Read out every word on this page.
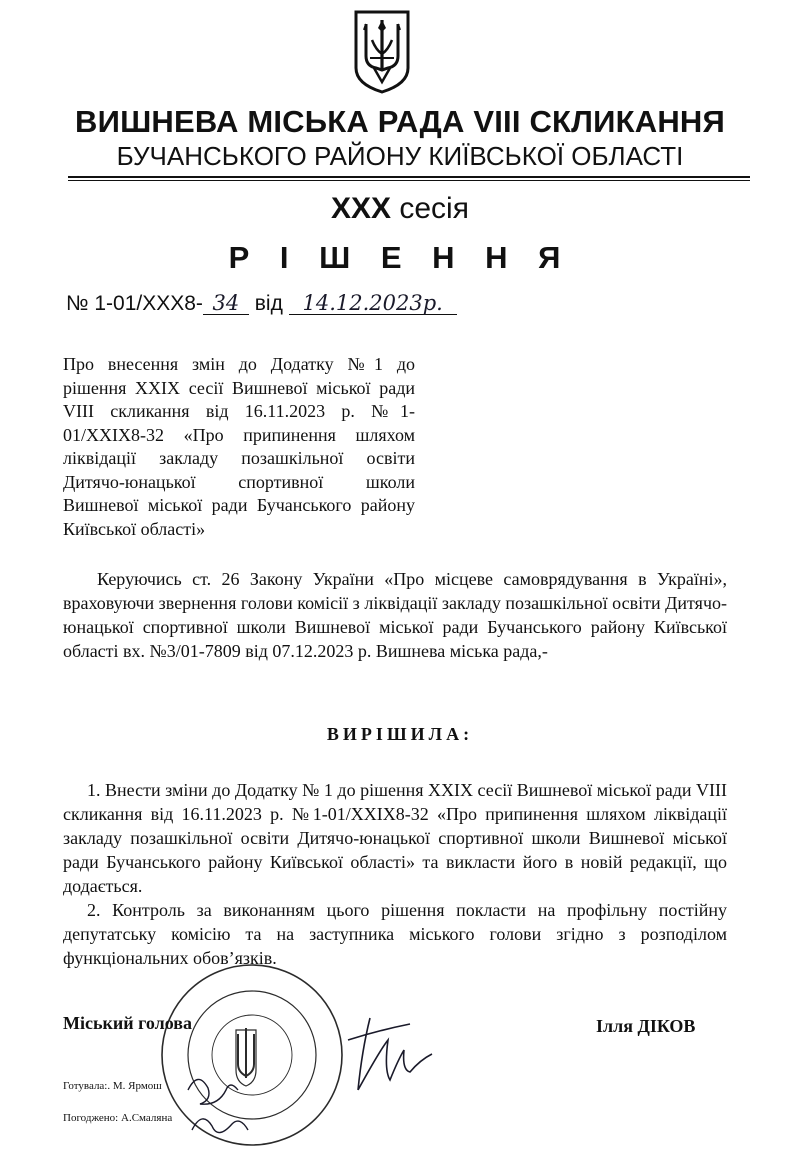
ВИШНЕВА МІСЬКА РАДА VIII СКЛИКАННЯ
БУЧАНСЬКОГО РАЙОНУ КИЇВСЬКОЇ ОБЛАСТІ
XXX сесія
Р І Ш Е Н Н Я
№ 1-01/XXX8- 34 від 14.12.2023р.
Про внесення змін до Додатку №1 до рішення XXIX сесії Вишневої міської ради VIII скликання від 16.11.2023 р. №1-01/XXIX8-32 «Про припинення шляхом ліквідації закладу позашкільної освіти Дитячо-юнацької спортивної школи Вишневої міської ради Бучанського району Київської області»
Керуючись ст. 26 Закону України «Про місцеве самоврядування в Україні», враховуючи звернення голови комісії з ліквідації закладу позашкільної освіти Дитячо-юнацької спортивної школи Вишневої міської ради Бучанського району Київської області вх. №3/01-7809 від 07.12.2023 р. Вишнева міська рада,-
ВИРІШИЛА:

1. Внести зміни до Додатку № 1 до рішення XXIX сесії Вишневої міської ради VIII скликання від 16.11.2023 р. №1-01/XXIX8-32 «Про припинення шляхом ліквідації закладу позашкільної освіти Дитячо-юнацької спортивної школи Вишневої міської ради Бучанського району Київської області» та викласти його в новій редакції, що додається.

2. Контроль за виконанням цього рішення покласти на профільну постійну депутатську комісію та на заступника міського голови згідно з розподілом функціональних обов’язків.

Міський голова	Ілля ДІКОВ
Готувала:. М. Ярмош
Погоджено: А.Смаляна
